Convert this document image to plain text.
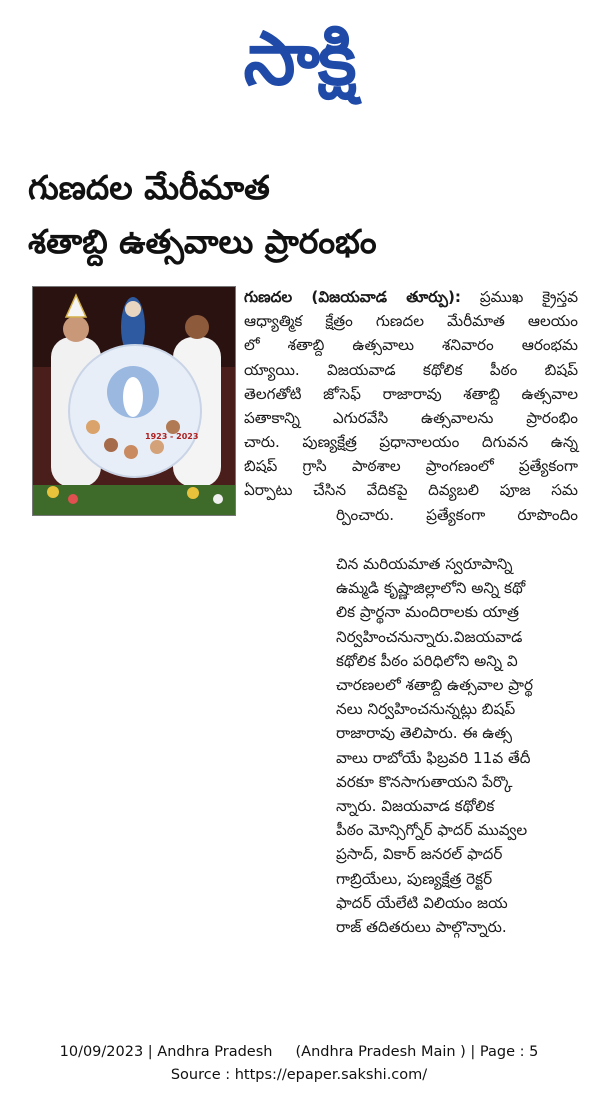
సాక్షి
గుణదల మేరీమాత
శతాబ్ది ఉత్సవాలు ప్రారంభం
1923 - 2023
గుణదల (విజయవాడ తూర్పు): ప్రముఖ క్రైస్తవ
ఆధ్యాత్మిక క్షేత్రం గుణదల మేరీమాత ఆలయం
లో శతాబ్ది ఉత్సవాలు శనివారం ఆరంభమ
య్యాయి. విజయవాడ కథోలిక పీఠం బిషప్
తెలగతోటి జోసెఫ్ రాజారావు శతాబ్ది ఉత్సవాల
పతాకాన్ని ఎగురవేసి ఉత్సవాలను ప్రారంభిం
చారు. పుణ్యక్షేత్ర ప్రధానాలయం దిగువన ఉన్న
బిషప్ గ్రాసి పాఠశాల ప్రాంగణంలో ప్రత్యేకంగా
ఏర్పాటు చేసిన వేదికపై దివ్యబలి పూజ సమ
ర్పించారు. ప్రత్యేకంగా రూపొందిం
చిన మరియమాత స్వరూపాన్ని
ఉమ్మడి కృష్ణాజిల్లాలోని అన్ని కథో
లిక ప్రార్థనా మందిరాలకు యాత్ర
నిర్వహించనున్నారు.విజయవాడ
కథోలిక పీఠం పరిధిలోని అన్ని వి
చారణలలో శతాబ్ది ఉత్సవాల ప్రార్థ
నలు నిర్వహించనున్నట్లు బిషప్
రాజారావు తెలిపారు. ఈ ఉత్స
వాలు రాబోయే ఫిబ్రవరి 11వ తేదీ
వరకూ కొనసాగుతాయని పేర్కొ
న్నారు. విజయవాడ కథోలిక
పీఠం మోన్సిగ్నోర్ ఫాదర్ మువ్వల
ప్రసాద్, వికార్ జనరల్ ఫాదర్
గాబ్రియేలు, పుణ్యక్షేత్ర రెక్టర్
ఫాదర్ యేలేటి విలియం జయ
రాజ్ తదితరులు పాల్గొన్నారు.
10/09/2023 | Andhra Pradesh     (Andhra Pradesh Main ) | Page : 5
Source : https://epaper.sakshi.com/
